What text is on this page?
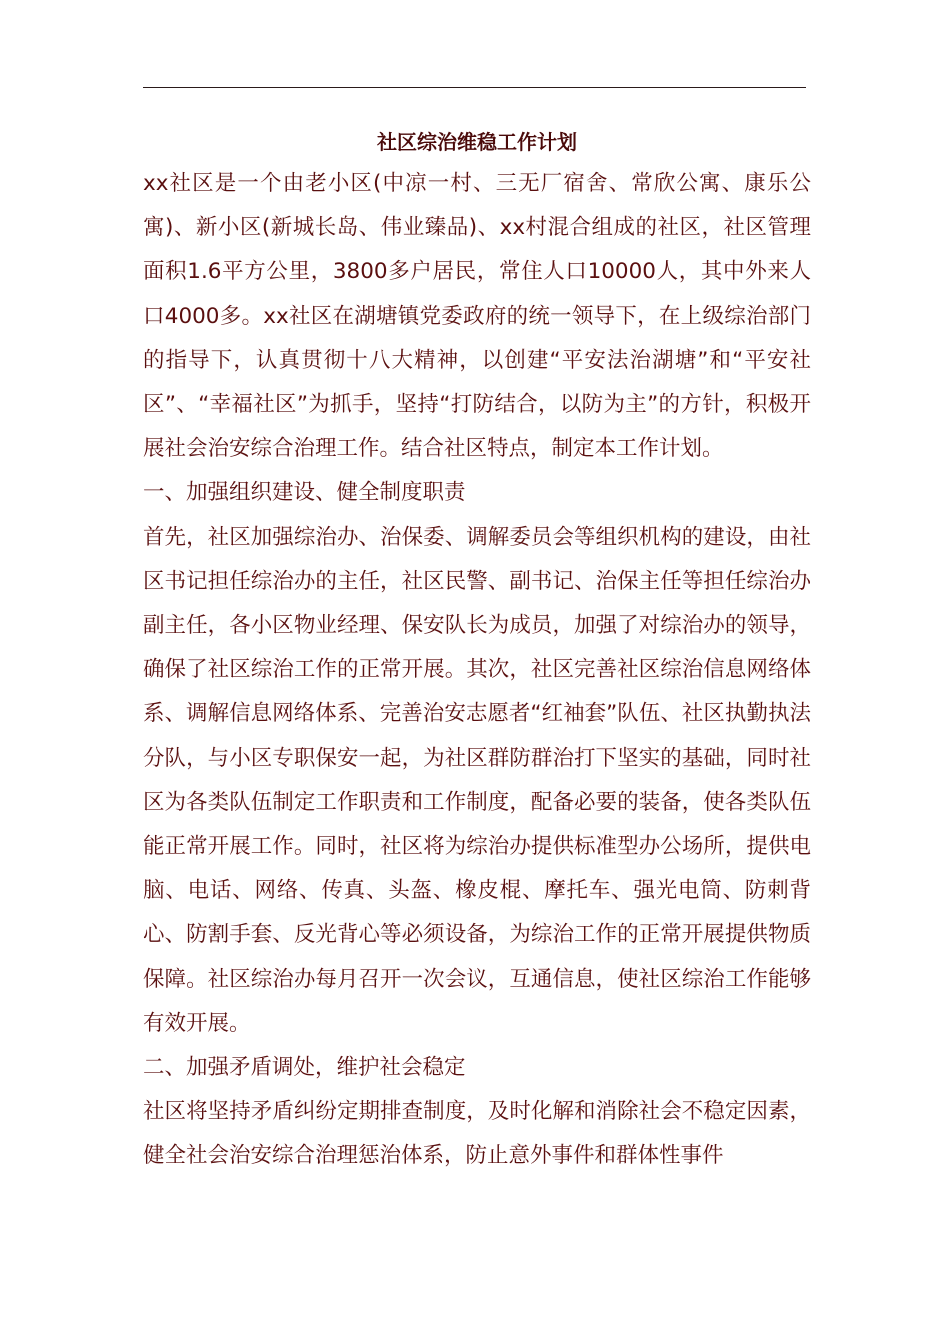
社区综治维稳工作计划

xx社区是一个由老小区(中凉一村、三无厂宿舍、常欣公寓、康乐公寓)、新小区(新城长岛、伟业臻品)、xx村混合组成的社区，社区管理面积1.6平方公里，3800多户居民，常住人口10000人，其中外来人口4000多。xx社区在湖塘镇党委政府的统一领导下，在上级综治部门的指导下，认真贯彻十八大精神，以创建“平安法治湖塘”和“平安社区”、“幸福社区”为抓手，坚持“打防结合，以防为主”的方针，积极开展社会治安综合治理工作。结合社区特点，制定本工作计划。

一、加强组织建设、健全制度职责

首先，社区加强综治办、治保委、调解委员会等组织机构的建设，由社区书记担任综治办的主任，社区民警、副书记、治保主任等担任综治办副主任，各小区物业经理、保安队长为成员，加强了对综治办的领导，确保了社区综治工作的正常开展。其次，社区完善社区综治信息网络体系、调解信息网络体系、完善治安志愿者“红袖套”队伍、社区执勤执法分队，与小区专职保安一起，为社区群防群治打下坚实的基础，同时社区为各类队伍制定工作职责和工作制度，配备必要的装备，使各类队伍能正常开展工作。同时，社区将为综治办提供标准型办公场所，提供电脑、电话、网络、传真、头盔、橡皮棍、摩托车、强光电筒、防刺背心、防割手套、反光背心等必须设备，为综治工作的正常开展提供物质保障。社区综治办每月召开一次会议，互通信息，使社区综治工作能够有效开展。

二、加强矛盾调处，维护社会稳定

社区将坚持矛盾纠纷定期排查制度，及时化解和消除社会不稳定因素，健全社会治安综合治理惩治体系，防止意外事件和群体性事件
